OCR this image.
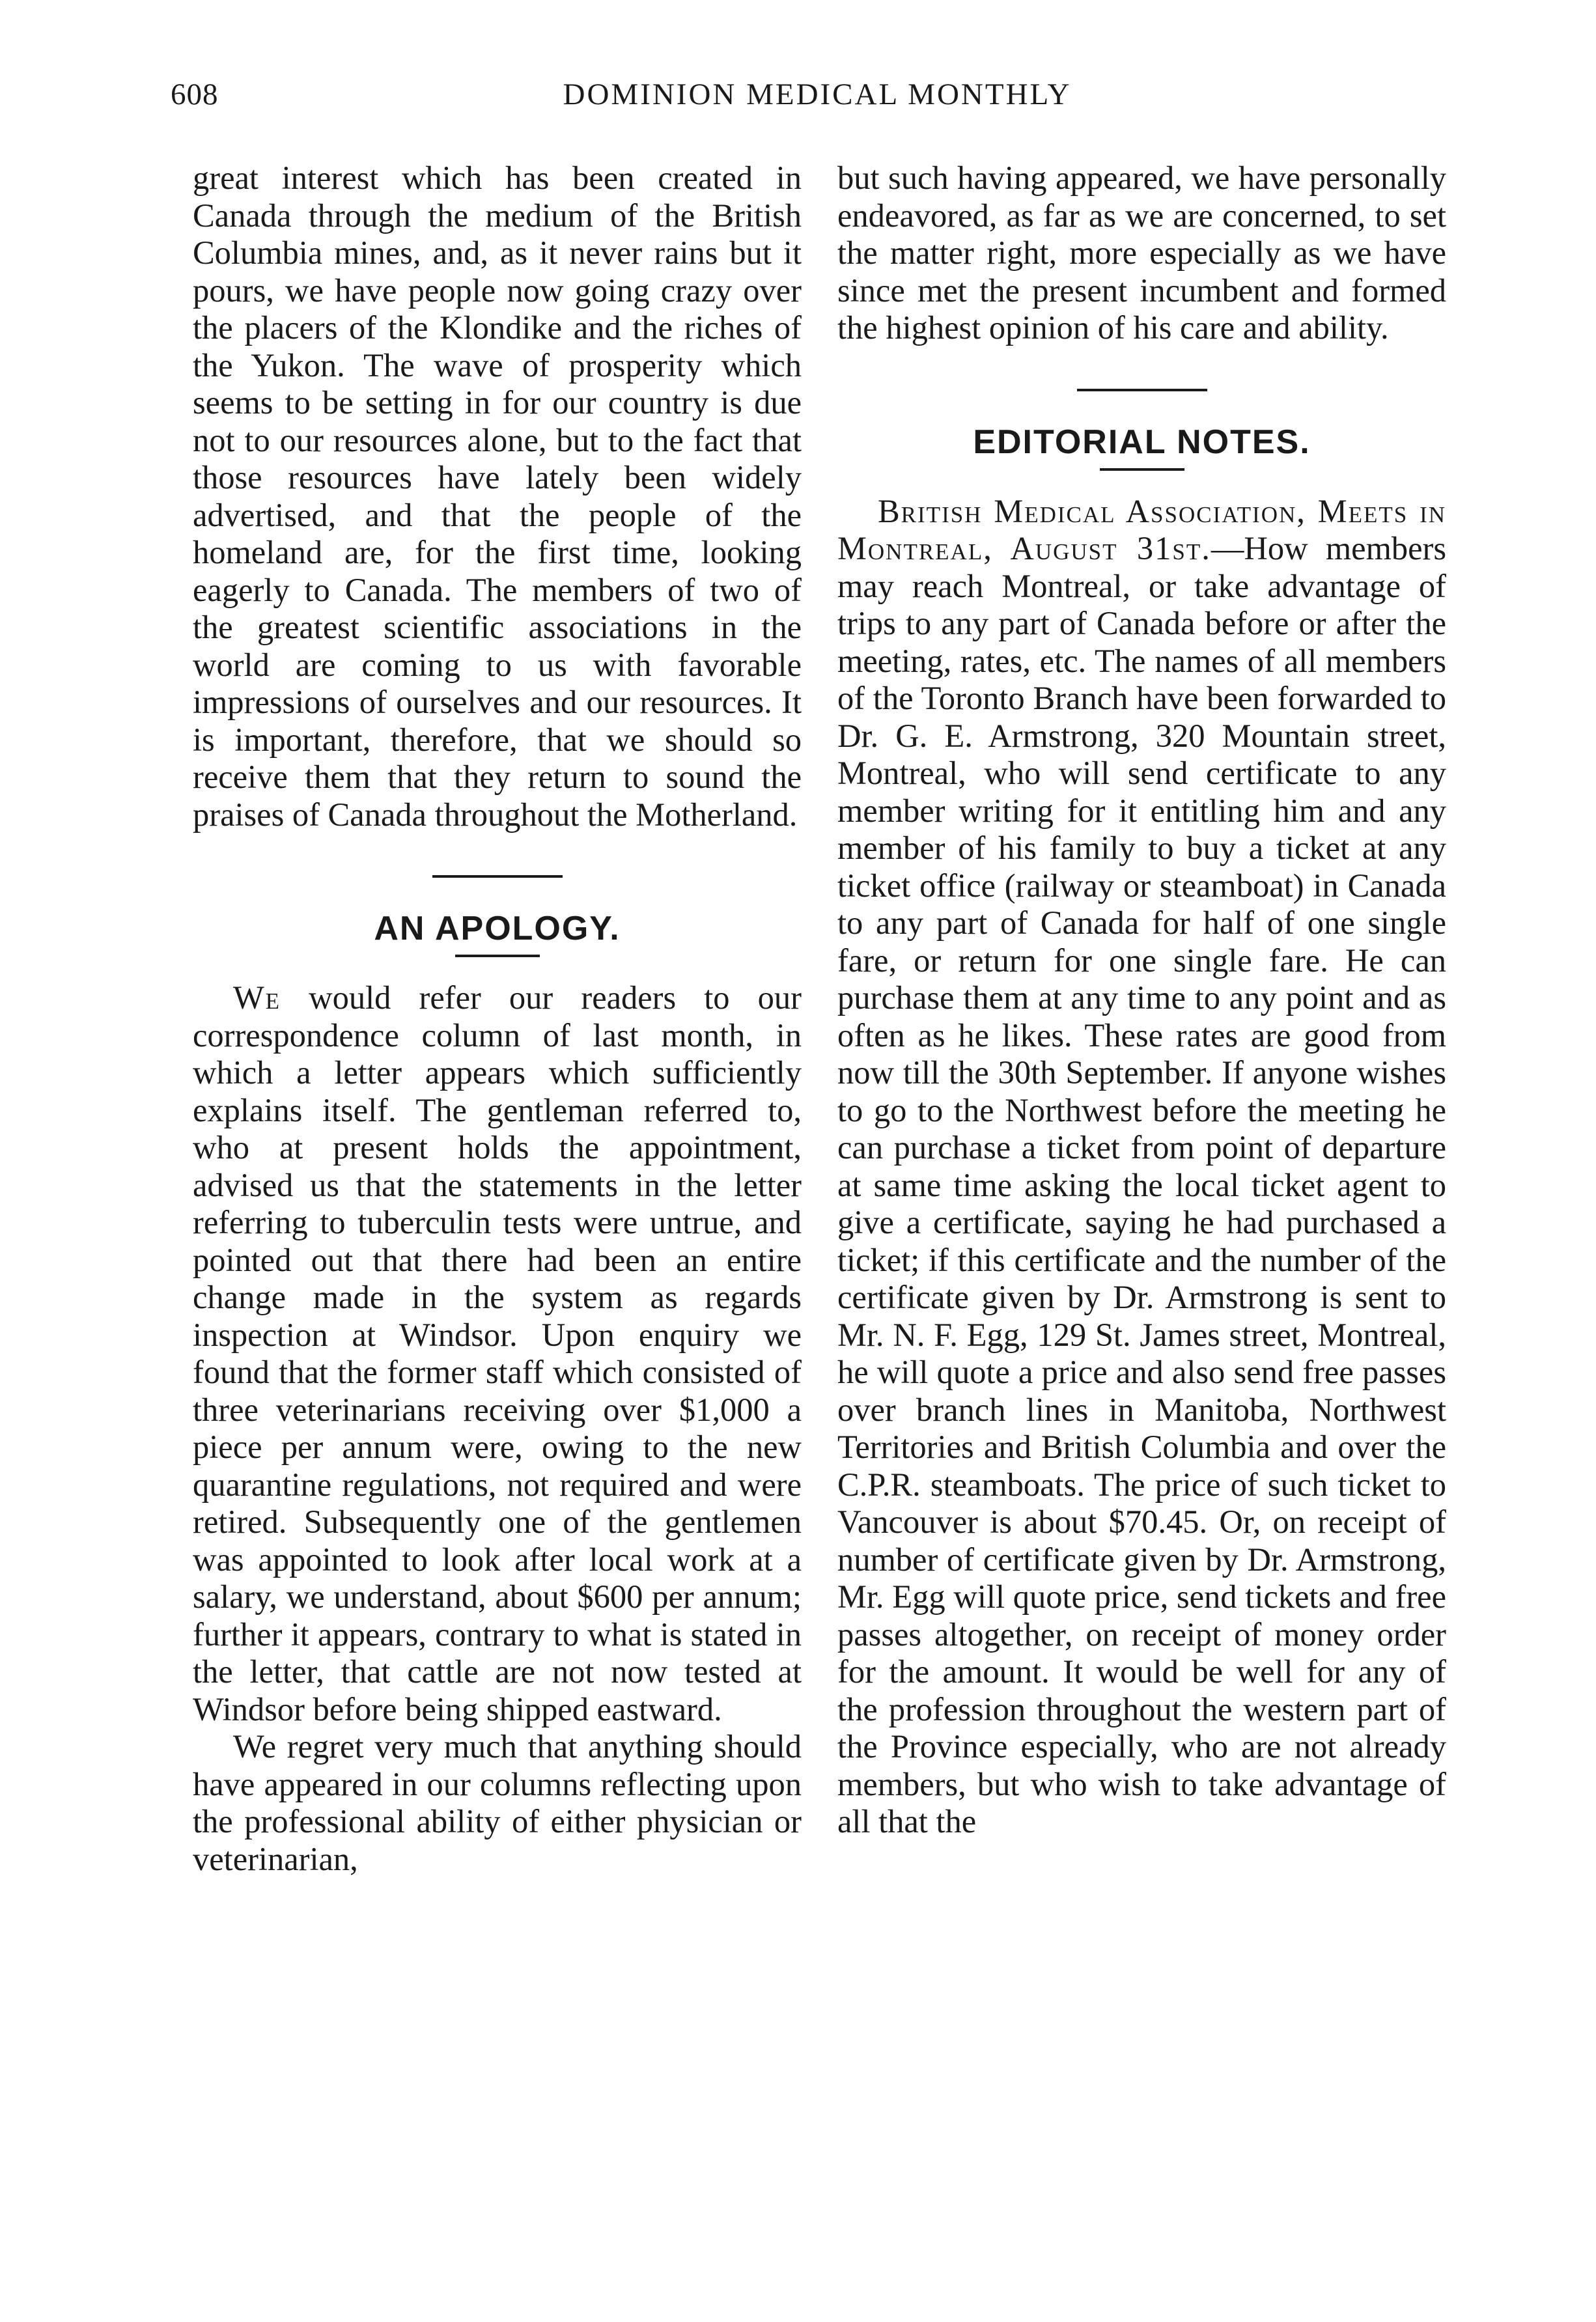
608	DOMINION MEDICAL MONTHLY

great interest which has been created in Canada through the medium of the British Columbia mines, and, as it never rains but it pours, we have people now going crazy over the placers of the Klondike and the riches of the Yukon. The wave of prosperity which seems to be setting in for our country is due not to our resources alone, but to the fact that those resources have lately been widely advertised, and that the people of the homeland are, for the first time, looking eagerly to Canada. The members of two of the greatest scientific associations in the world are coming to us with favorable impressions of ourselves and our resources. It is important, therefore, that we should so receive them that they return to sound the praises of Canada throughout the Motherland.

AN APOLOGY.

We would refer our readers to our correspondence column of last month, in which a letter appears which sufficiently explains itself. The gentleman referred to, who at present holds the appointment, advised us that the statements in the letter referring to tuberculin tests were untrue, and pointed out that there had been an entire change made in the system as regards inspection at Windsor. Upon enquiry we found that the former staff which consisted of three veterinarians receiving over $1,000 a piece per annum were, owing to the new quarantine regulations, not required and were retired. Subsequently one of the gentlemen was appointed to look after local work at a salary, we understand, about $600 per annum; further it appears, contrary to what is stated in the letter, that cattle are not now tested at Windsor before being shipped eastward.

We regret very much that anything should have appeared in our columns reflecting upon the professional ability of either physician or veterinarian,

but such having appeared, we have personally endeavored, as far as we are concerned, to set the matter right, more especially as we have since met the present incumbent and formed the highest opinion of his care and ability.

EDITORIAL NOTES.

British Medical Association, Meets in Montreal, August 31st.—How members may reach Montreal, or take advantage of trips to any part of Canada before or after the meeting, rates, etc. The names of all members of the Toronto Branch have been forwarded to Dr. G. E. Armstrong, 320 Mountain street, Montreal, who will send certificate to any member writing for it entitling him and any member of his family to buy a ticket at any ticket office (railway or steamboat) in Canada to any part of Canada for half of one single fare, or return for one single fare. He can purchase them at any time to any point and as often as he likes. These rates are good from now till the 30th September. If anyone wishes to go to the Northwest before the meeting he can purchase a ticket from point of departure at same time asking the local ticket agent to give a certificate, saying he had purchased a ticket; if this certificate and the number of the certificate given by Dr. Armstrong is sent to Mr. N. F. Egg, 129 St. James street, Montreal, he will quote a price and also send free passes over branch lines in Manitoba, Northwest Territories and British Columbia and over the C.P.R. steamboats. The price of such ticket to Vancouver is about $70.45. Or, on receipt of number of certificate given by Dr. Armstrong, Mr. Egg will quote price, send tickets and free passes altogether, on receipt of money order for the amount. It would be well for any of the profession throughout the western part of the Province especially, who are not already members, but who wish to take advantage of all that the
